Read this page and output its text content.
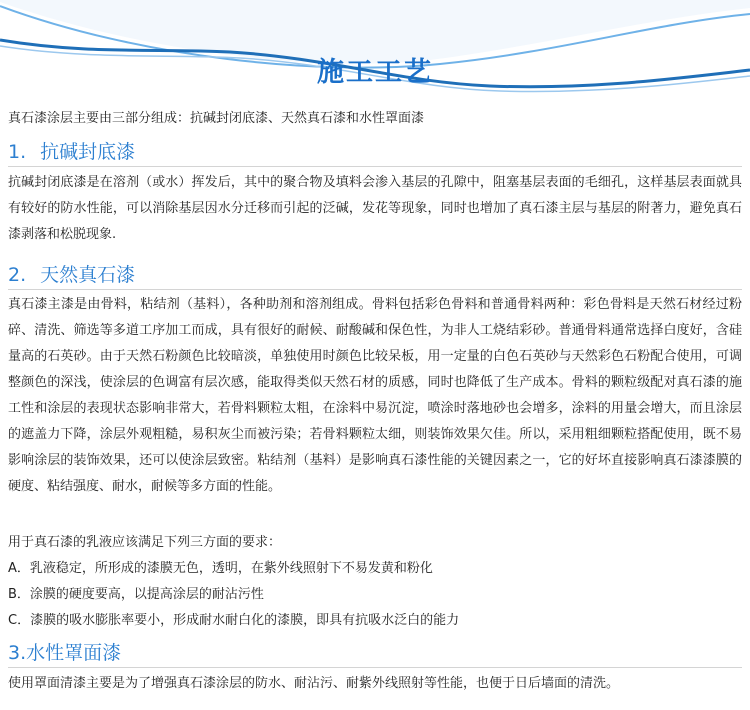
施工工艺
真石漆涂层主要由三部分组成：抗碱封闭底漆、天然真石漆和水性罩面漆
1. 抗碱封底漆
抗碱封闭底漆是在溶剂（或水）挥发后，其中的聚合物及填料会渗入基层的孔隙中，阻塞基层表面的毛细孔，这样基层表面就具有较好的防水性能，可以消除基层因水分迁移而引起的泛碱，发花等现象，同时也增加了真石漆主层与基层的附著力，避免真石漆剥落和松脱现象.
2. 天然真石漆
真石漆主漆是由骨料，粘结剂（基料），各种助剂和溶剂组成。骨料包括彩色骨料和普通骨料两种：彩色骨料是天然石材经过粉碎、清洗、筛选等多道工序加工而成，具有很好的耐候、耐酸碱和保色性，为非人工烧结彩砂。普通骨料通常选择白度好，含硅量高的石英砂。由于天然石粉颜色比较暗淡，单独使用时颜色比较呆板，用一定量的白色石英砂与天然彩色石粉配合使用，可调整颜色的深浅，使涂层的色调富有层次感，能取得类似天然石材的质感，同时也降低了生产成本。骨料的颗粒级配对真石漆的施工性和涂层的表现状态影响非常大，若骨料颗粒太粗，在涂料中易沉淀，喷涂时落地砂也会增多，涂料的用量会增大，而且涂层的遮盖力下降，涂层外观粗糙，易积灰尘而被污染；若骨料颗粒太细，则装饰效果欠佳。所以，采用粗细颗粒搭配使用，既不易影响涂层的装饰效果，还可以使涂层致密。粘结剂（基料）是影响真石漆性能的关键因素之一，它的好坏直接影响真石漆漆膜的硬度、粘结强度、耐水，耐候等多方面的性能。

用于真石漆的乳液应该满足下列三方面的要求：

A．乳液稳定，所形成的漆膜无色，透明，在紫外线照射下不易发黄和粉化

B．涂膜的硬度要高，以提高涂层的耐沾污性

C．漆膜的吸水膨胀率要小，形成耐水耐白化的漆膜，即具有抗吸水泛白的能力

3.水性罩面漆
使用罩面清漆主要是为了增强真石漆涂层的防水、耐沾污、耐紫外线照射等性能，也便于日后墙面的清洗。
